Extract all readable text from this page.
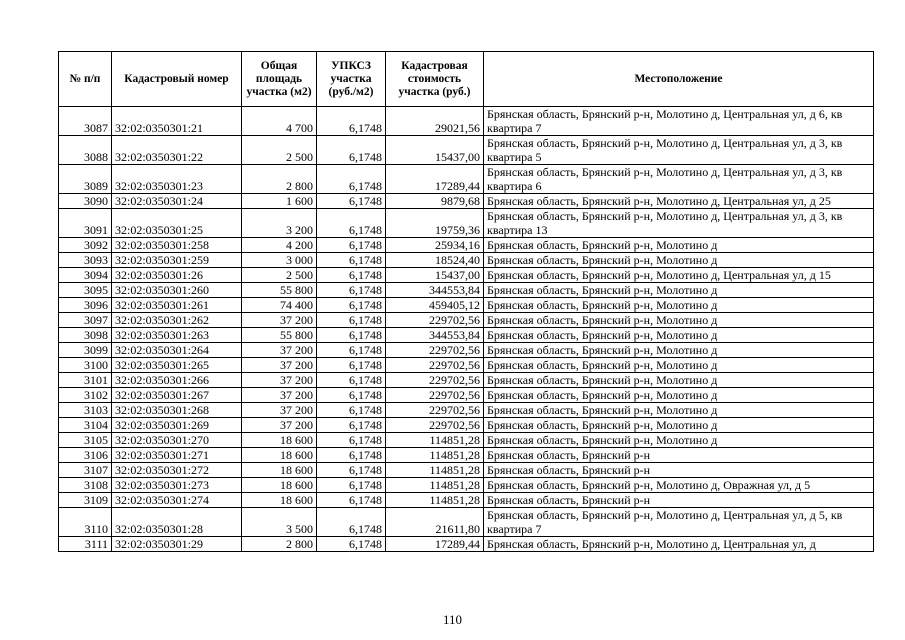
№ п/п	Кадастровый номер	Общая площадь участка (м2)	УПКСЗ участка (руб./м2)	Кадастровая стоимость участка (руб.)	Местоположение
3087	32:02:0350301:21	4 700	6,1748	29021,56	Брянская область, Брянский р-н, Молотино д, Центральная ул, д 6, кв квартира 7
3088	32:02:0350301:22	2 500	6,1748	15437,00	Брянская область, Брянский р-н, Молотино д, Центральная ул, д 3, кв квартира 5
3089	32:02:0350301:23	2 800	6,1748	17289,44	Брянская область, Брянский р-н, Молотино д, Центральная ул, д 3, кв квартира 6
3090	32:02:0350301:24	1 600	6,1748	9879,68	Брянская область, Брянский р-н, Молотино д, Центральная ул, д 25
3091	32:02:0350301:25	3 200	6,1748	19759,36	Брянская область, Брянский р-н, Молотино д, Центральная ул, д 3, кв квартира 13
3092	32:02:0350301:258	4 200	6,1748	25934,16	Брянская область, Брянский р-н, Молотино д
3093	32:02:0350301:259	3 000	6,1748	18524,40	Брянская область, Брянский р-н, Молотино д
3094	32:02:0350301:26	2 500	6,1748	15437,00	Брянская область, Брянский р-н, Молотино д, Центральная ул, д 15
3095	32:02:0350301:260	55 800	6,1748	344553,84	Брянская область, Брянский р-н, Молотино д
3096	32:02:0350301:261	74 400	6,1748	459405,12	Брянская область, Брянский р-н, Молотино д
3097	32:02:0350301:262	37 200	6,1748	229702,56	Брянская область, Брянский р-н, Молотино д
3098	32:02:0350301:263	55 800	6,1748	344553,84	Брянская область, Брянский р-н, Молотино д
3099	32:02:0350301:264	37 200	6,1748	229702,56	Брянская область, Брянский р-н, Молотино д
3100	32:02:0350301:265	37 200	6,1748	229702,56	Брянская область, Брянский р-н, Молотино д
3101	32:02:0350301:266	37 200	6,1748	229702,56	Брянская область, Брянский р-н, Молотино д
3102	32:02:0350301:267	37 200	6,1748	229702,56	Брянская область, Брянский р-н, Молотино д
3103	32:02:0350301:268	37 200	6,1748	229702,56	Брянская область, Брянский р-н, Молотино д
3104	32:02:0350301:269	37 200	6,1748	229702,56	Брянская область, Брянский р-н, Молотино д
3105	32:02:0350301:270	18 600	6,1748	114851,28	Брянская область, Брянский р-н, Молотино д
3106	32:02:0350301:271	18 600	6,1748	114851,28	Брянская область, Брянский р-н
3107	32:02:0350301:272	18 600	6,1748	114851,28	Брянская область, Брянский р-н
3108	32:02:0350301:273	18 600	6,1748	114851,28	Брянская область, Брянский р-н, Молотино д, Овражная ул, д 5
3109	32:02:0350301:274	18 600	6,1748	114851,28	Брянская область, Брянский р-н
3110	32:02:0350301:28	3 500	6,1748	21611,80	Брянская область, Брянский р-н, Молотино д, Центральная ул, д 5, кв квартира 7
3111	32:02:0350301:29	2 800	6,1748	17289,44	Брянская область, Брянский р-н, Молотино д, Центральная ул, д
110
